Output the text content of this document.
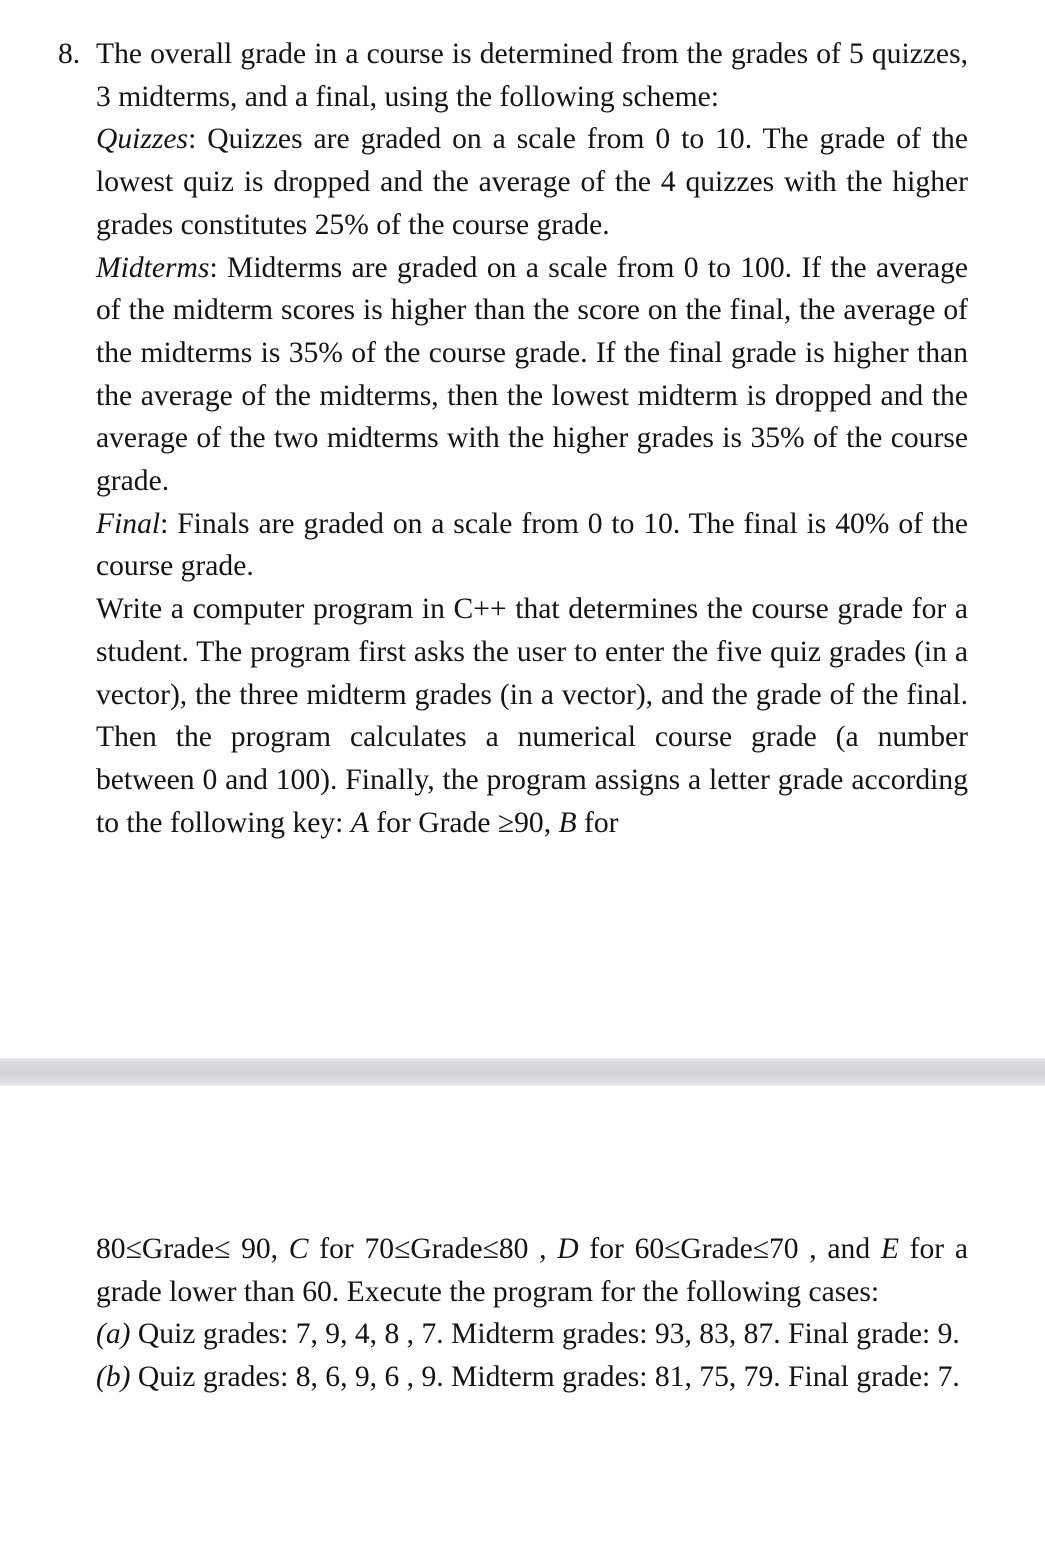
8. The overall grade in a course is determined from the grades of 5 quizzes, 3 midterms, and a final, using the following scheme:

Quizzes: Quizzes are graded on a scale from 0 to 10. The grade of the lowest quiz is dropped and the average of the 4 quizzes with the higher grades constitutes 25% of the course grade.

Midterms: Midterms are graded on a scale from 0 to 100. If the average of the midterm scores is higher than the score on the final, the average of the midterms is 35% of the course grade. If the final grade is higher than the average of the midterms, then the lowest midterm is dropped and the average of the two midterms with the higher grades is 35% of the course grade.

Final: Finals are graded on a scale from 0 to 10. The final is 40% of the course grade.

Write a computer program in C++ that determines the course grade for a student. The program first asks the user to enter the five quiz grades (in a vector), the three midterm grades (in a vector), and the grade of the final. Then the program calculates a numerical course grade (a number between 0 and 100). Finally, the program assigns a letter grade according to the following key: A for Grade ≥90, B for

80≤Grade≤ 90, C for 70≤Grade≤80 , D for 60≤Grade≤70 , and E for a grade lower than 60. Execute the program for the following cases:

(a) Quiz grades: 7, 9, 4, 8 , 7. Midterm grades: 93, 83, 87. Final grade: 9.

(b) Quiz grades: 8, 6, 9, 6 , 9. Midterm grades: 81, 75, 79. Final grade: 7.
